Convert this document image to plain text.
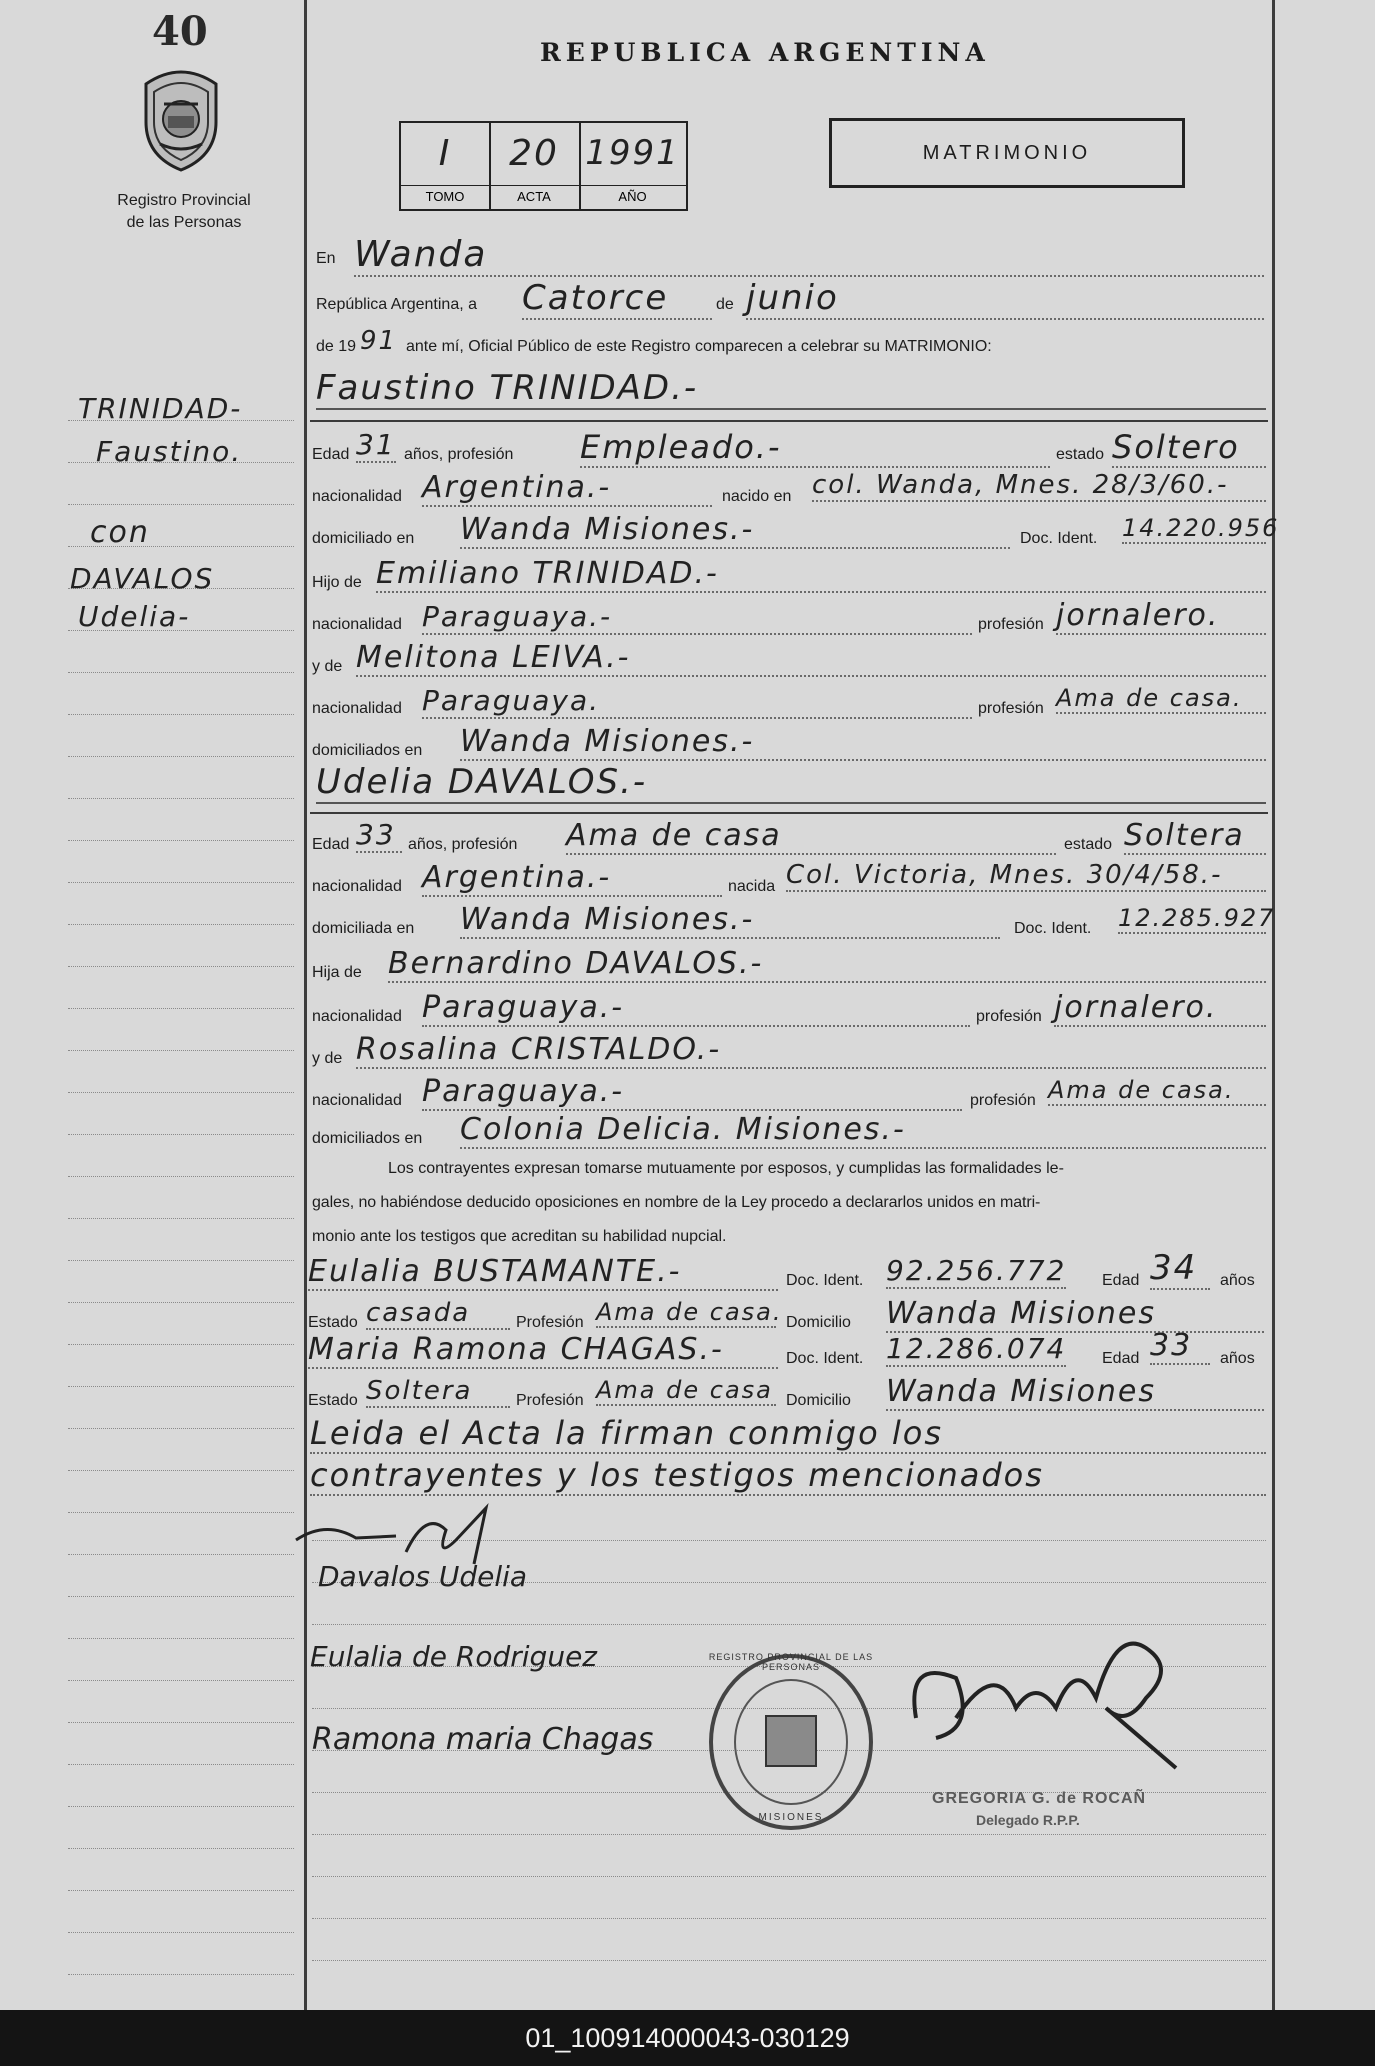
40
Registro Provincial
de las Personas
REPUBLICA ARGENTINA
I	20 1991
TOMO	ACTA	AÑO
MATRIMONIO
TRINIDAD-
Faustino.
con
DAVALOS
Udelia-
En Wanda
República Argentina, a Catorce	de junio
de 19 91 ante mí, Oficial Público de este Registro comparecen a celebrar su MATRIMONIO:
Faustino TRINIDAD.-
Edad 31 años, profesión Empleado.-	estado Soltero
nacionalidad Argentina.-	nacido en col. Wanda, Mnes. 28/3/60.-
domiciliado en Wanda Misiones.-	Doc. Ident. 14.220.956
Hijo de Emiliano TRINIDAD.-
nacionalidad Paraguaya.-	profesión jornalero.
y de Melitona LEIVA.-
nacionalidad Paraguaya.	profesión Ama de casa.
domiciliados en Wanda Misiones.-
Udelia DAVALOS.-
Edad 33 años, profesión Ama de casa	estado Soltera
nacionalidad Argentina.-	nacida Col. Victoria, Mnes. 30/4/58.-
domiciliada en Wanda Misiones.-	Doc. Ident. 12.285.927
Hija de Bernardino DAVALOS.-
nacionalidad Paraguaya.-	profesión jornalero.
y de Rosalina CRISTALDO.-
nacionalidad Paraguaya.-	profesión Ama de casa.
domiciliados en Colonia Delicia. Misiones.-
Los contrayentes expresan tomarse mutuamente por esposos, y cumplidas las formalidades le-
gales, no habiéndose deducido oposiciones en nombre de la Ley procedo a declararlos unidos en matri-
monio ante los testigos que acreditan su habilidad nupcial.
Eulalia BUSTAMANTE.-	Doc. Ident. 92.256.772 Edad 34	años
Estado casada	Profesión Ama de casa. Domicilio Wanda Misiones
Maria Ramona CHAGAS.-	Doc. Ident. 12.286.074 Edad 33	años
Estado Soltera	Profesión Ama de casa Domicilio Wanda Misiones
Leida el Acta la firman conmigo los
contrayentes y los testigos mencionados
Davalos Udelia
Eulalia de Rodriguez
Ramona maria Chagas
REGISTRO PROVINCIAL DE LAS PERSONAS
MISIONES
GREGORIA G. de ROCAÑ
Delegado R.P.P.
01_100914000043-030129
